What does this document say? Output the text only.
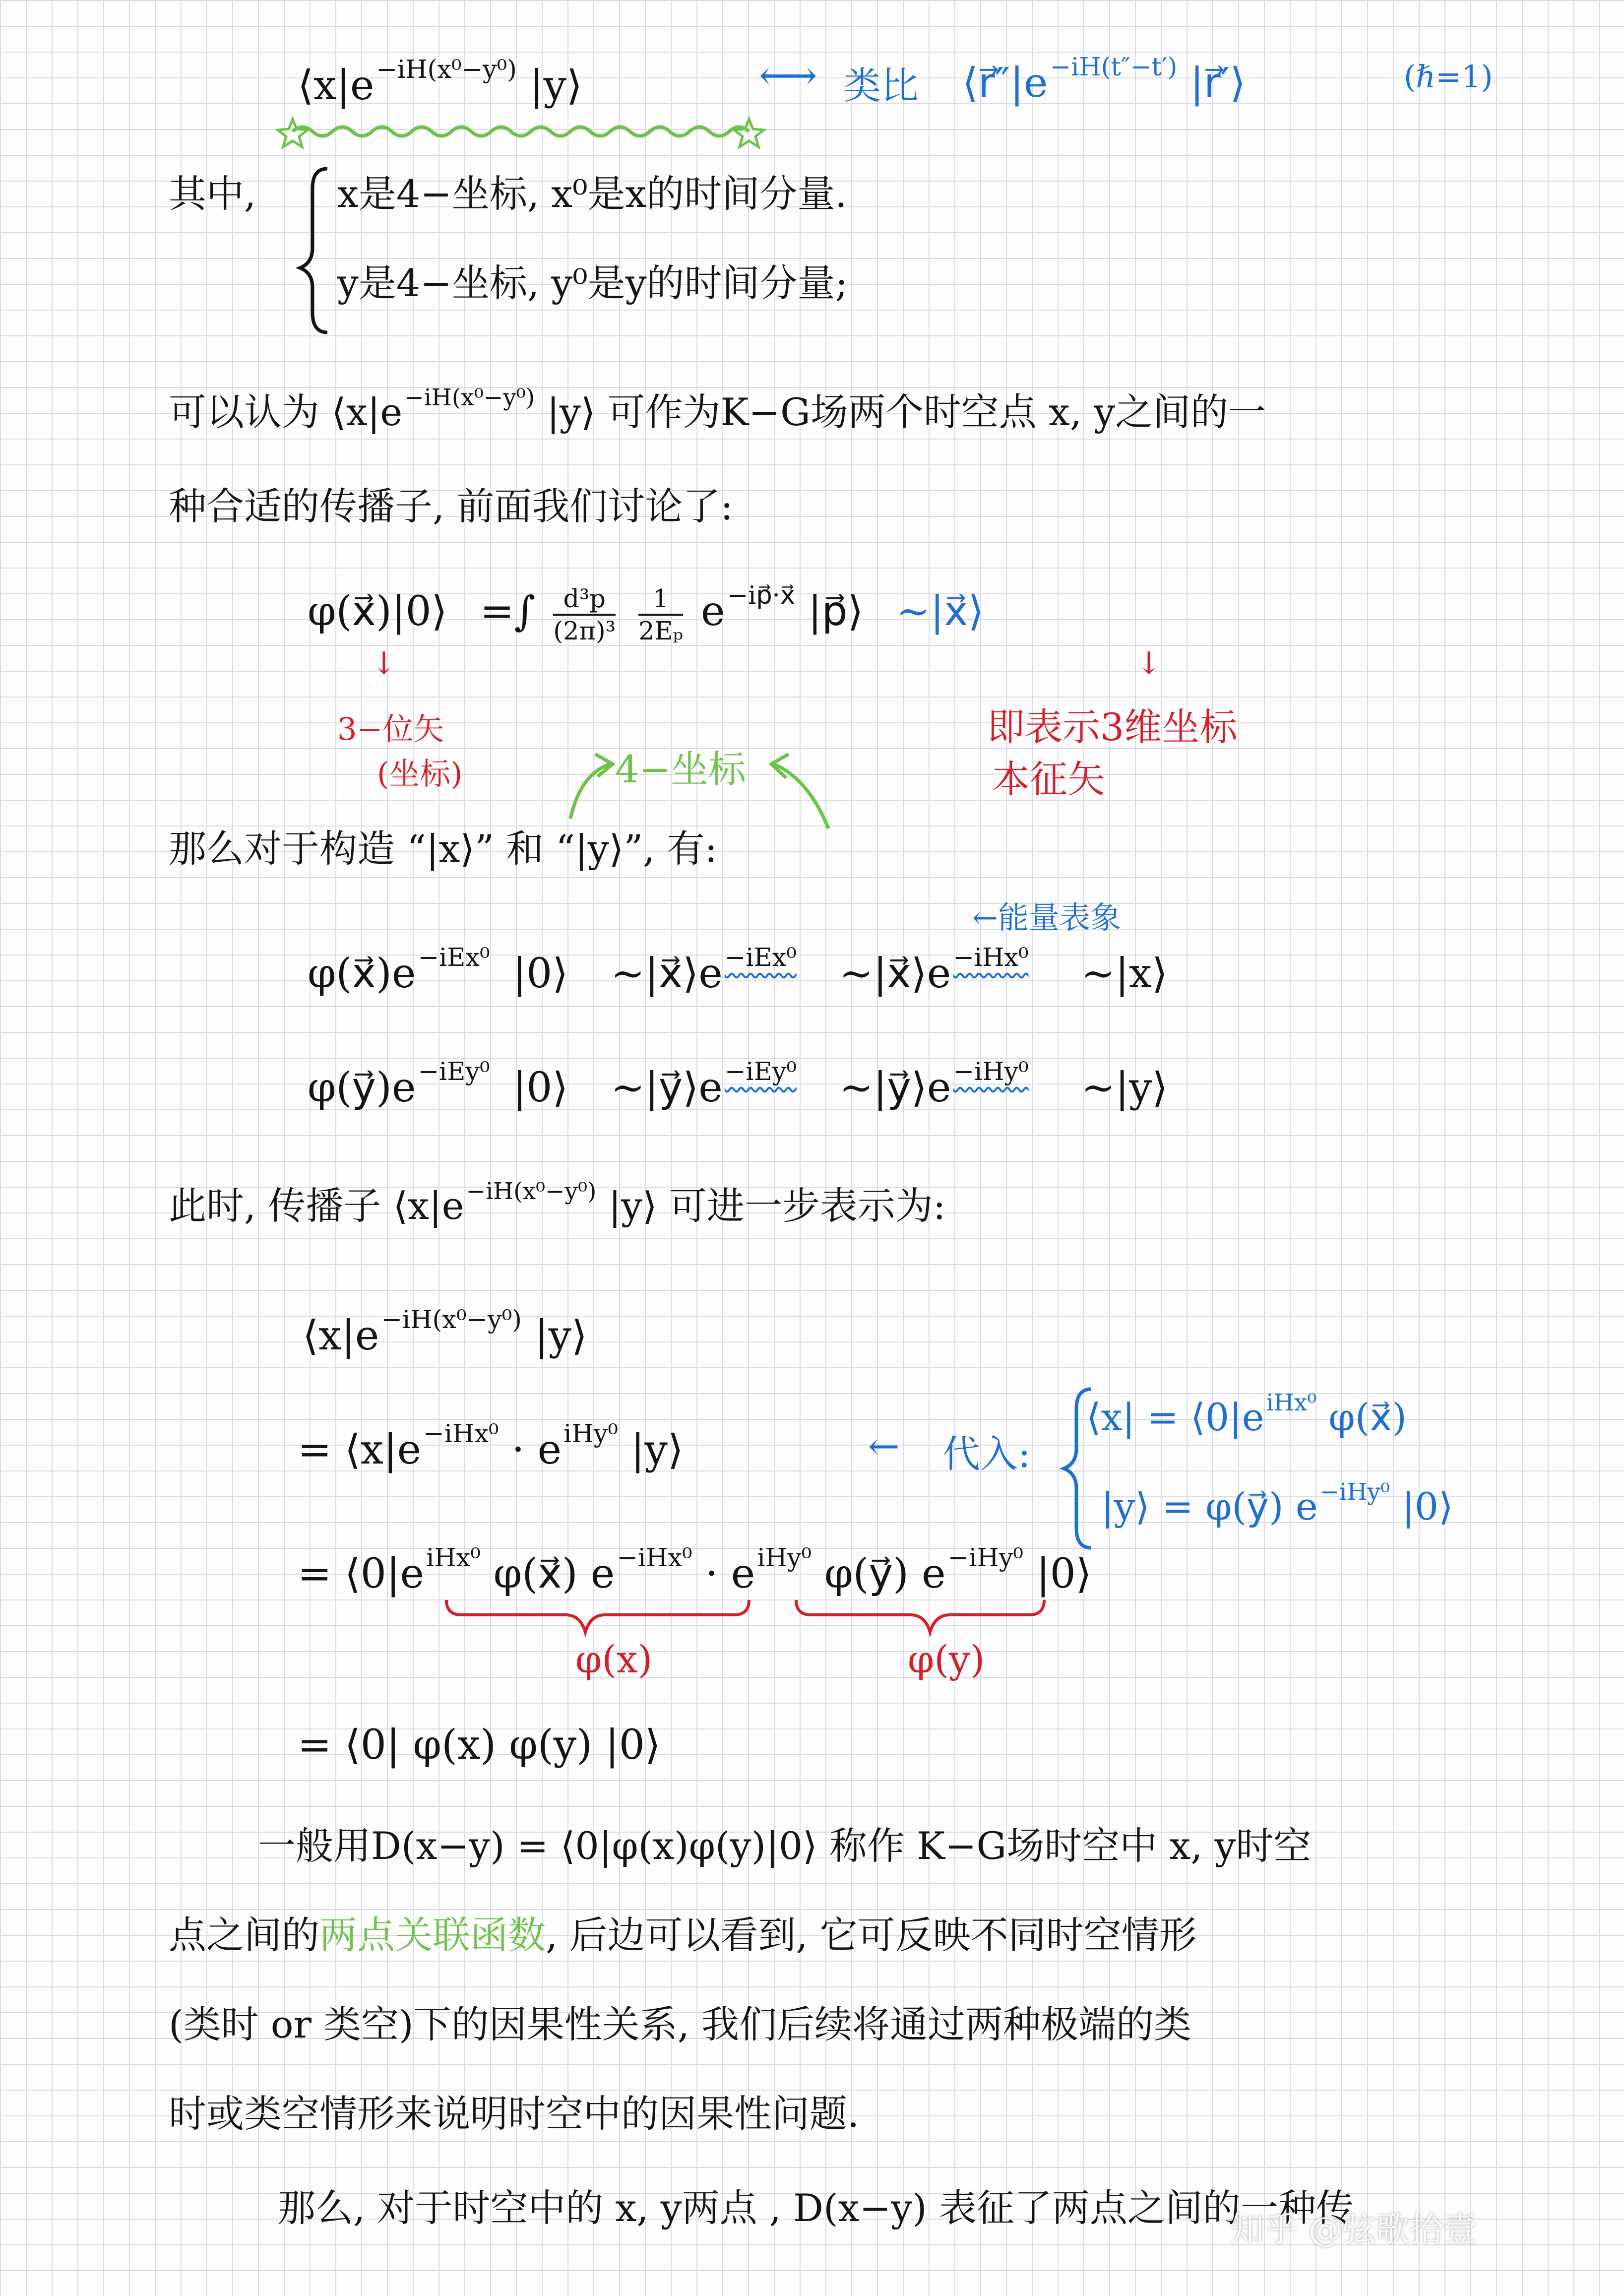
$⟨x|e^{-iH(x^0-y^0)}$ |y⟩	⟷ 类比 $⟨r⃗''|e^{-iH(t''-t')}$ |r⃗′⟩	(ℏ=1)
其中, x是4−坐标, x⁰是x的时间分量.
y是4−坐标, y⁰是y的时间分量;
可以认为 $⟨x|e^{-iH(x^0-y^0)}$ |y⟩ 可作为K−G场两个时空点 x, y之间的一
种合适的传播子, 前面我们讨论了:
φ(x⃗)|0⟩ =∫ $\frac{\text{d³p}}{\text{(2π)³}}$
$\frac{1}{\text{2Eₚ}} e^{-ip⃗\cdot x⃗}$ |p⃗⟩ ∼|x⃗⟩
↓
3−位矢
(坐标)
↓
即表示3维坐标
本征矢
4−坐标
那么对于构造 “|x⟩” 和 “|y⟩”, 有:
←能量表象
$\varphi(x⃗)e^{-iEx^0}$ |0⟩ $\sim|x⃗⟩e^{-iEx^0}$ $\sim|x⃗⟩e^{-iHx^0}$ ∼|x⟩
$\varphi(y⃗)e^{-iEy^0}$ |0⟩ $\sim|y⃗⟩e^{-iEy^0}$ $\sim|y⃗⟩e^{-iHy^0}$ ∼|y⟩
此时, 传播子 $⟨x|e^{-iH(x^0-y^0)}$ |y⟩ 可进一步表示为:
$⟨x|e^{-iH(x^0-y^0)}$ |y⟩
= $⟨x|e^{-iHx^0} \cdot e^{iHy^0}$ |y⟩	← 代入:
⟨x| = $⟨0|e^{iHx^0}$ φ(x⃗)
|y⟩ = φ(y⃗) $e^{-iHy^0}$ |0⟩
= $⟨0|e^{iHx^0}$ φ(x⃗) $e^{-iHx^0} \cdot e^{iHy^0}$ φ(y⃗) $e^{-iHy^0}$ |0⟩
φ(x)	φ(y)
= ⟨0| φ(x) φ(y) |0⟩
一般用D(x−y) = ⟨0|φ(x)φ(y)|0⟩ 称作 K−G场时空中 x, y时空
点之间的两点关联函数, 后边可以看到, 它可反映不同时空情形
(类时 or 类空)下的因果性关系, 我们后续将通过两种极端的类
时或类空情形来说明时空中的因果性问题.
那么, 对于时空中的 x, y两点 , D(x−y) 表征了两点之间的一种传
知乎 @弦歌拾壹
